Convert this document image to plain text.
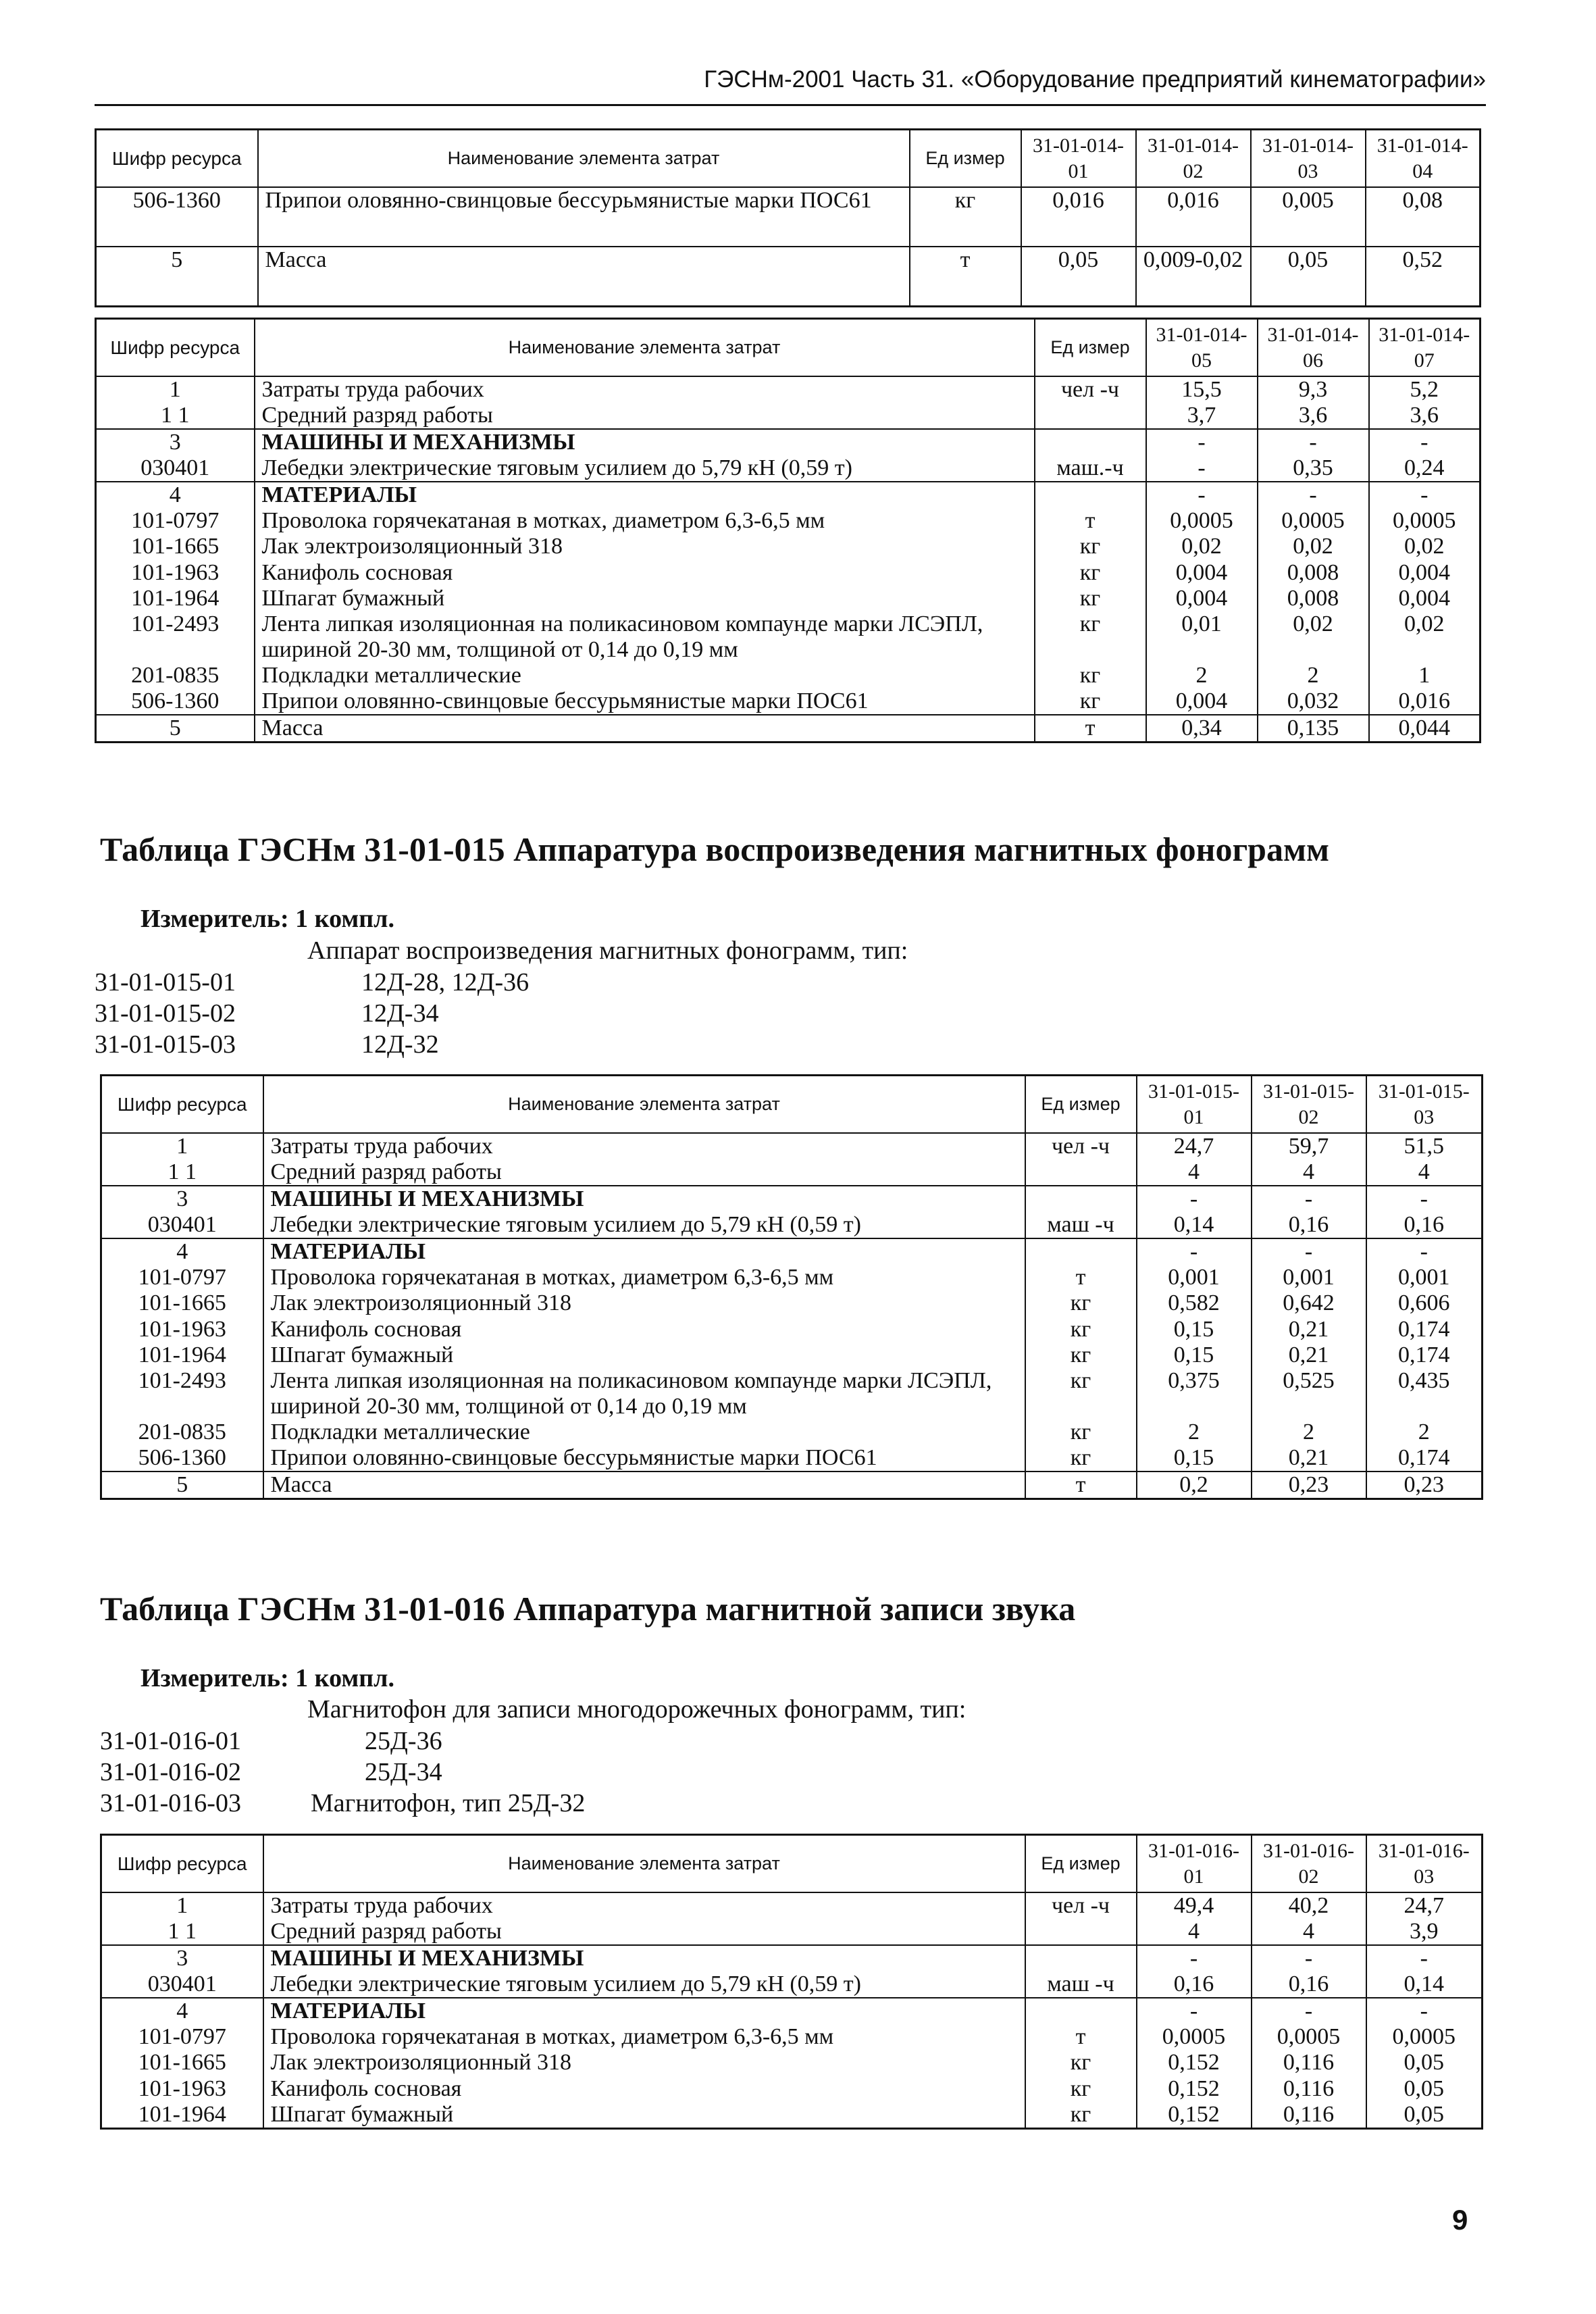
ГЭСНм-2001 Часть 31. «Оборудование предприятий кинематографии»
Шифр ресурса	Наименование элемента затрат	Ед измер	31-01-014-01	31-01-014-02	31-01-014-03	31-01-014-04
506-1360	Припои оловянно-свинцовые бессурьмянистые марки ПОС61	кг	0,016	0,016	0,005	0,08
5	Масса	т	0,05	0,009-0,02	0,05	0,52
Шифр ресурса	Наименование элемента затрат	Ед измер	31-01-014-05	31-01-014-06	31-01-014-07
1	Затраты труда рабочих	чел -ч	15,5	9,3	5,2
1 1	Средний разряд работы		3,7	3,6	3,6
3	МАШИНЫ И МЕХАНИЗМЫ		-	-	-
030401	Лебедки электрические тяговым усилием до 5,79 кН (0,59 т)	маш.-ч	-	0,35	0,24
4	МАТЕРИАЛЫ		-	-	-
101-0797	Проволока горячекатаная в мотках, диаметром 6,3-6,5 мм	т	0,0005	0,0005	0,0005
101-1665	Лак электроизоляционный 318	кг	0,02	0,02	0,02
101-1963	Канифоль сосновая	кг	0,004	0,008	0,004
101-1964	Шпагат бумажный	кг	0,004	0,008	0,004
101-2493	Лента липкая изоляционная на поликасиновом компаунде марки ЛСЭПЛ, шириной 20-30 мм, толщиной от 0,14 до 0,19 мм	кг	0,01	0,02	0,02
201-0835	Подкладки металлические	кг	2	2	1
506-1360	Припои оловянно-свинцовые бессурьмянистые марки ПОС61	кг	0,004	0,032	0,016
5	Масса	т	0,34	0,135	0,044
Таблица ГЭСНм 31-01-015 Аппаратура воспроизведения магнитных фонограмм
Измеритель: 1 компл.
Аппарат воспроизведения магнитных фонограмм, тип:
31-01-015-01	12Д-28, 12Д-36
31-01-015-02	12Д-34
31-01-015-03	12Д-32
Шифр ресурса	Наименование элемента затрат	Ед измер	31-01-015-01	31-01-015-02	31-01-015-03
1	Затраты труда рабочих	чел -ч	24,7	59,7	51,5
1 1	Средний разряд работы		4	4	4
3	МАШИНЫ И МЕХАНИЗМЫ		-	-	-
030401	Лебедки электрические тяговым усилием до 5,79 кН (0,59 т)	маш -ч	0,14	0,16	0,16
4	МАТЕРИАЛЫ		-	-	-
101-0797	Проволока горячекатаная в мотках, диаметром 6,3-6,5 мм	т	0,001	0,001	0,001
101-1665	Лак электроизоляционный 318	кг	0,582	0,642	0,606
101-1963	Канифоль сосновая	кг	0,15	0,21	0,174
101-1964	Шпагат бумажный	кг	0,15	0,21	0,174
101-2493	Лента липкая изоляционная на поликасиновом компаунде марки ЛСЭПЛ, шириной 20-30 мм, толщиной от 0,14 до 0,19 мм	кг	0,375	0,525	0,435
201-0835	Подкладки металлические	кг	2	2	2
506-1360	Припои оловянно-свинцовые бессурьмянистые марки ПОС61	кг	0,15	0,21	0,174
5	Масса	т	0,2	0,23	0,23
Таблица ГЭСНм 31-01-016 Аппаратура магнитной записи звука
Измеритель: 1 компл.
Магнитофон для записи многодорожечных фонограмм, тип:
31-01-016-01	25Д-36
31-01-016-02	25Д-34
31-01-016-03	Магнитофон, тип 25Д-32
Шифр ресурса	Наименование элемента затрат	Ед измер	31-01-016-01	31-01-016-02	31-01-016-03
1	Затраты труда рабочих	чел -ч	49,4	40,2	24,7
1 1	Средний разряд работы		4	4	3,9
3	МАШИНЫ И МЕХАНИЗМЫ		-	-	-
030401	Лебедки электрические тяговым усилием до 5,79 кН (0,59 т)	маш -ч	0,16	0,16	0,14
4	МАТЕРИАЛЫ		-	-	-
101-0797	Проволока горячекатаная в мотках, диаметром 6,3-6,5 мм	т	0,0005	0,0005	0,0005
101-1665	Лак электроизоляционный 318	кг	0,152	0,116	0,05
101-1963	Канифоль сосновая	кг	0,152	0,116	0,05
101-1964	Шпагат бумажный	кг	0,152	0,116	0,05
9
